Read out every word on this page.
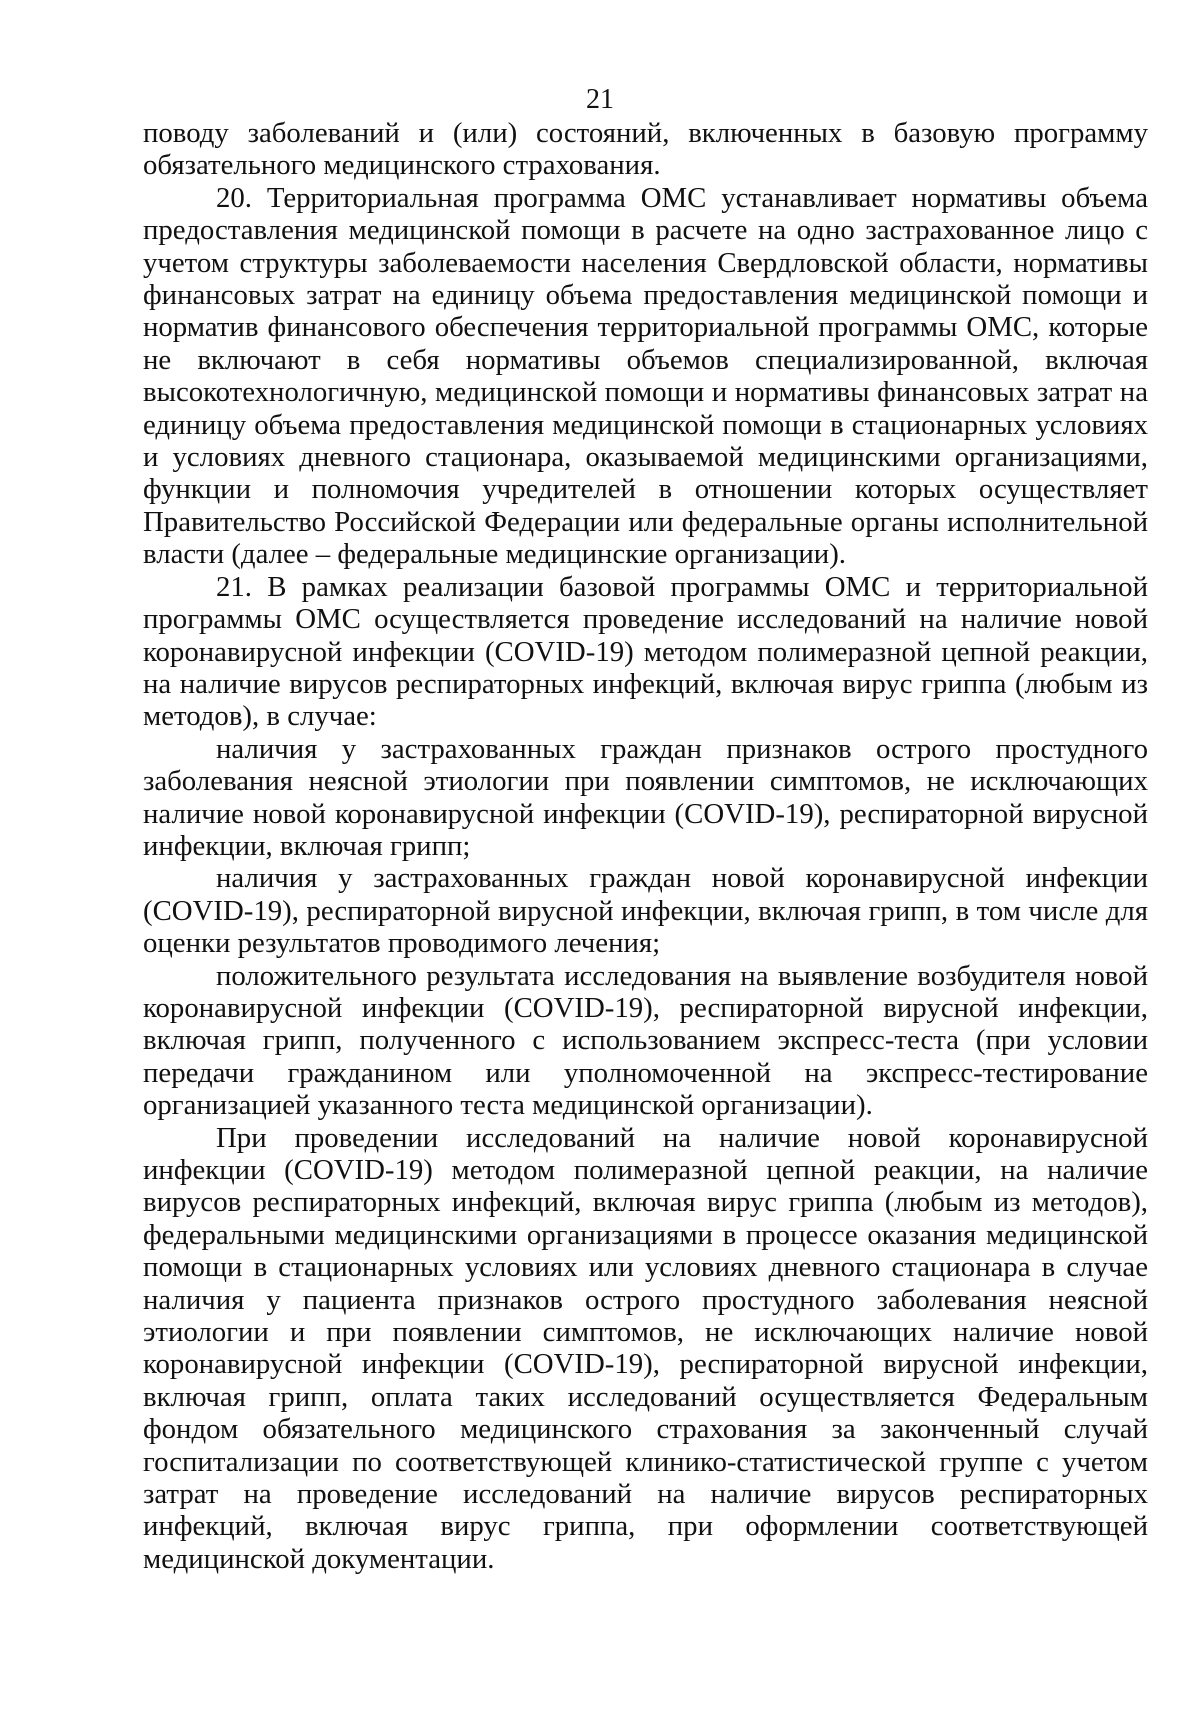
21

поводу заболеваний и (или) состояний, включенных в базовую программу обязательного медицинского страхования.

20. Территориальная программа ОМС устанавливает нормативы объема предоставления медицинской помощи в расчете на одно застрахованное лицо с учетом структуры заболеваемости населения Свердловской области, нормативы финансовых затрат на единицу объема предоставления медицинской помощи и норматив финансового обеспечения территориальной программы ОМС, которые не включают в себя нормативы объемов специализированной, включая высокотехнологичную, медицинской помощи и нормативы финансовых затрат на единицу объема предоставления медицинской помощи в стационарных условиях и условиях дневного стационара, оказываемой медицинскими организациями, функции и полномочия учредителей в отношении которых осуществляет Правительство Российской Федерации или федеральные органы исполнительной власти (далее – федеральные медицинские организации).

21. В рамках реализации базовой программы ОМС и территориальной программы ОМС осуществляется проведение исследований на наличие новой коронавирусной инфекции (COVID-19) методом полимеразной цепной реакции, на наличие вирусов респираторных инфекций, включая вирус гриппа (любым из методов), в случае:

наличия у застрахованных граждан признаков острого простудного заболевания неясной этиологии при появлении симптомов, не исключающих наличие новой коронавирусной инфекции (COVID-19), респираторной вирусной инфекции, включая грипп;

наличия у застрахованных граждан новой коронавирусной инфекции (COVID-19), респираторной вирусной инфекции, включая грипп, в том числе для оценки результатов проводимого лечения;

положительного результата исследования на выявление возбудителя новой коронавирусной инфекции (COVID-19), респираторной вирусной инфекции, включая грипп, полученного с использованием экспресс-теста (при условии передачи гражданином или уполномоченной на экспресс-тестирование организацией указанного теста медицинской организации).

При проведении исследований на наличие новой коронавирусной инфекции (COVID-19) методом полимеразной цепной реакции, на наличие вирусов респираторных инфекций, включая вирус гриппа (любым из методов), федеральными медицинскими организациями в процессе оказания медицинской помощи в стационарных условиях или условиях дневного стационара в случае наличия у пациента признаков острого простудного заболевания неясной этиологии и при появлении симптомов, не исключающих наличие новой коронавирусной инфекции (COVID-19), респираторной вирусной инфекции, включая грипп, оплата таких исследований осуществляется Федеральным фондом обязательного медицинского страхования за законченный случай госпитализации по соответствующей клинико-статистической группе с учетом затрат на проведение исследований на наличие вирусов респираторных инфекций, включая вирус гриппа, при оформлении соответствующей медицинской документации.
